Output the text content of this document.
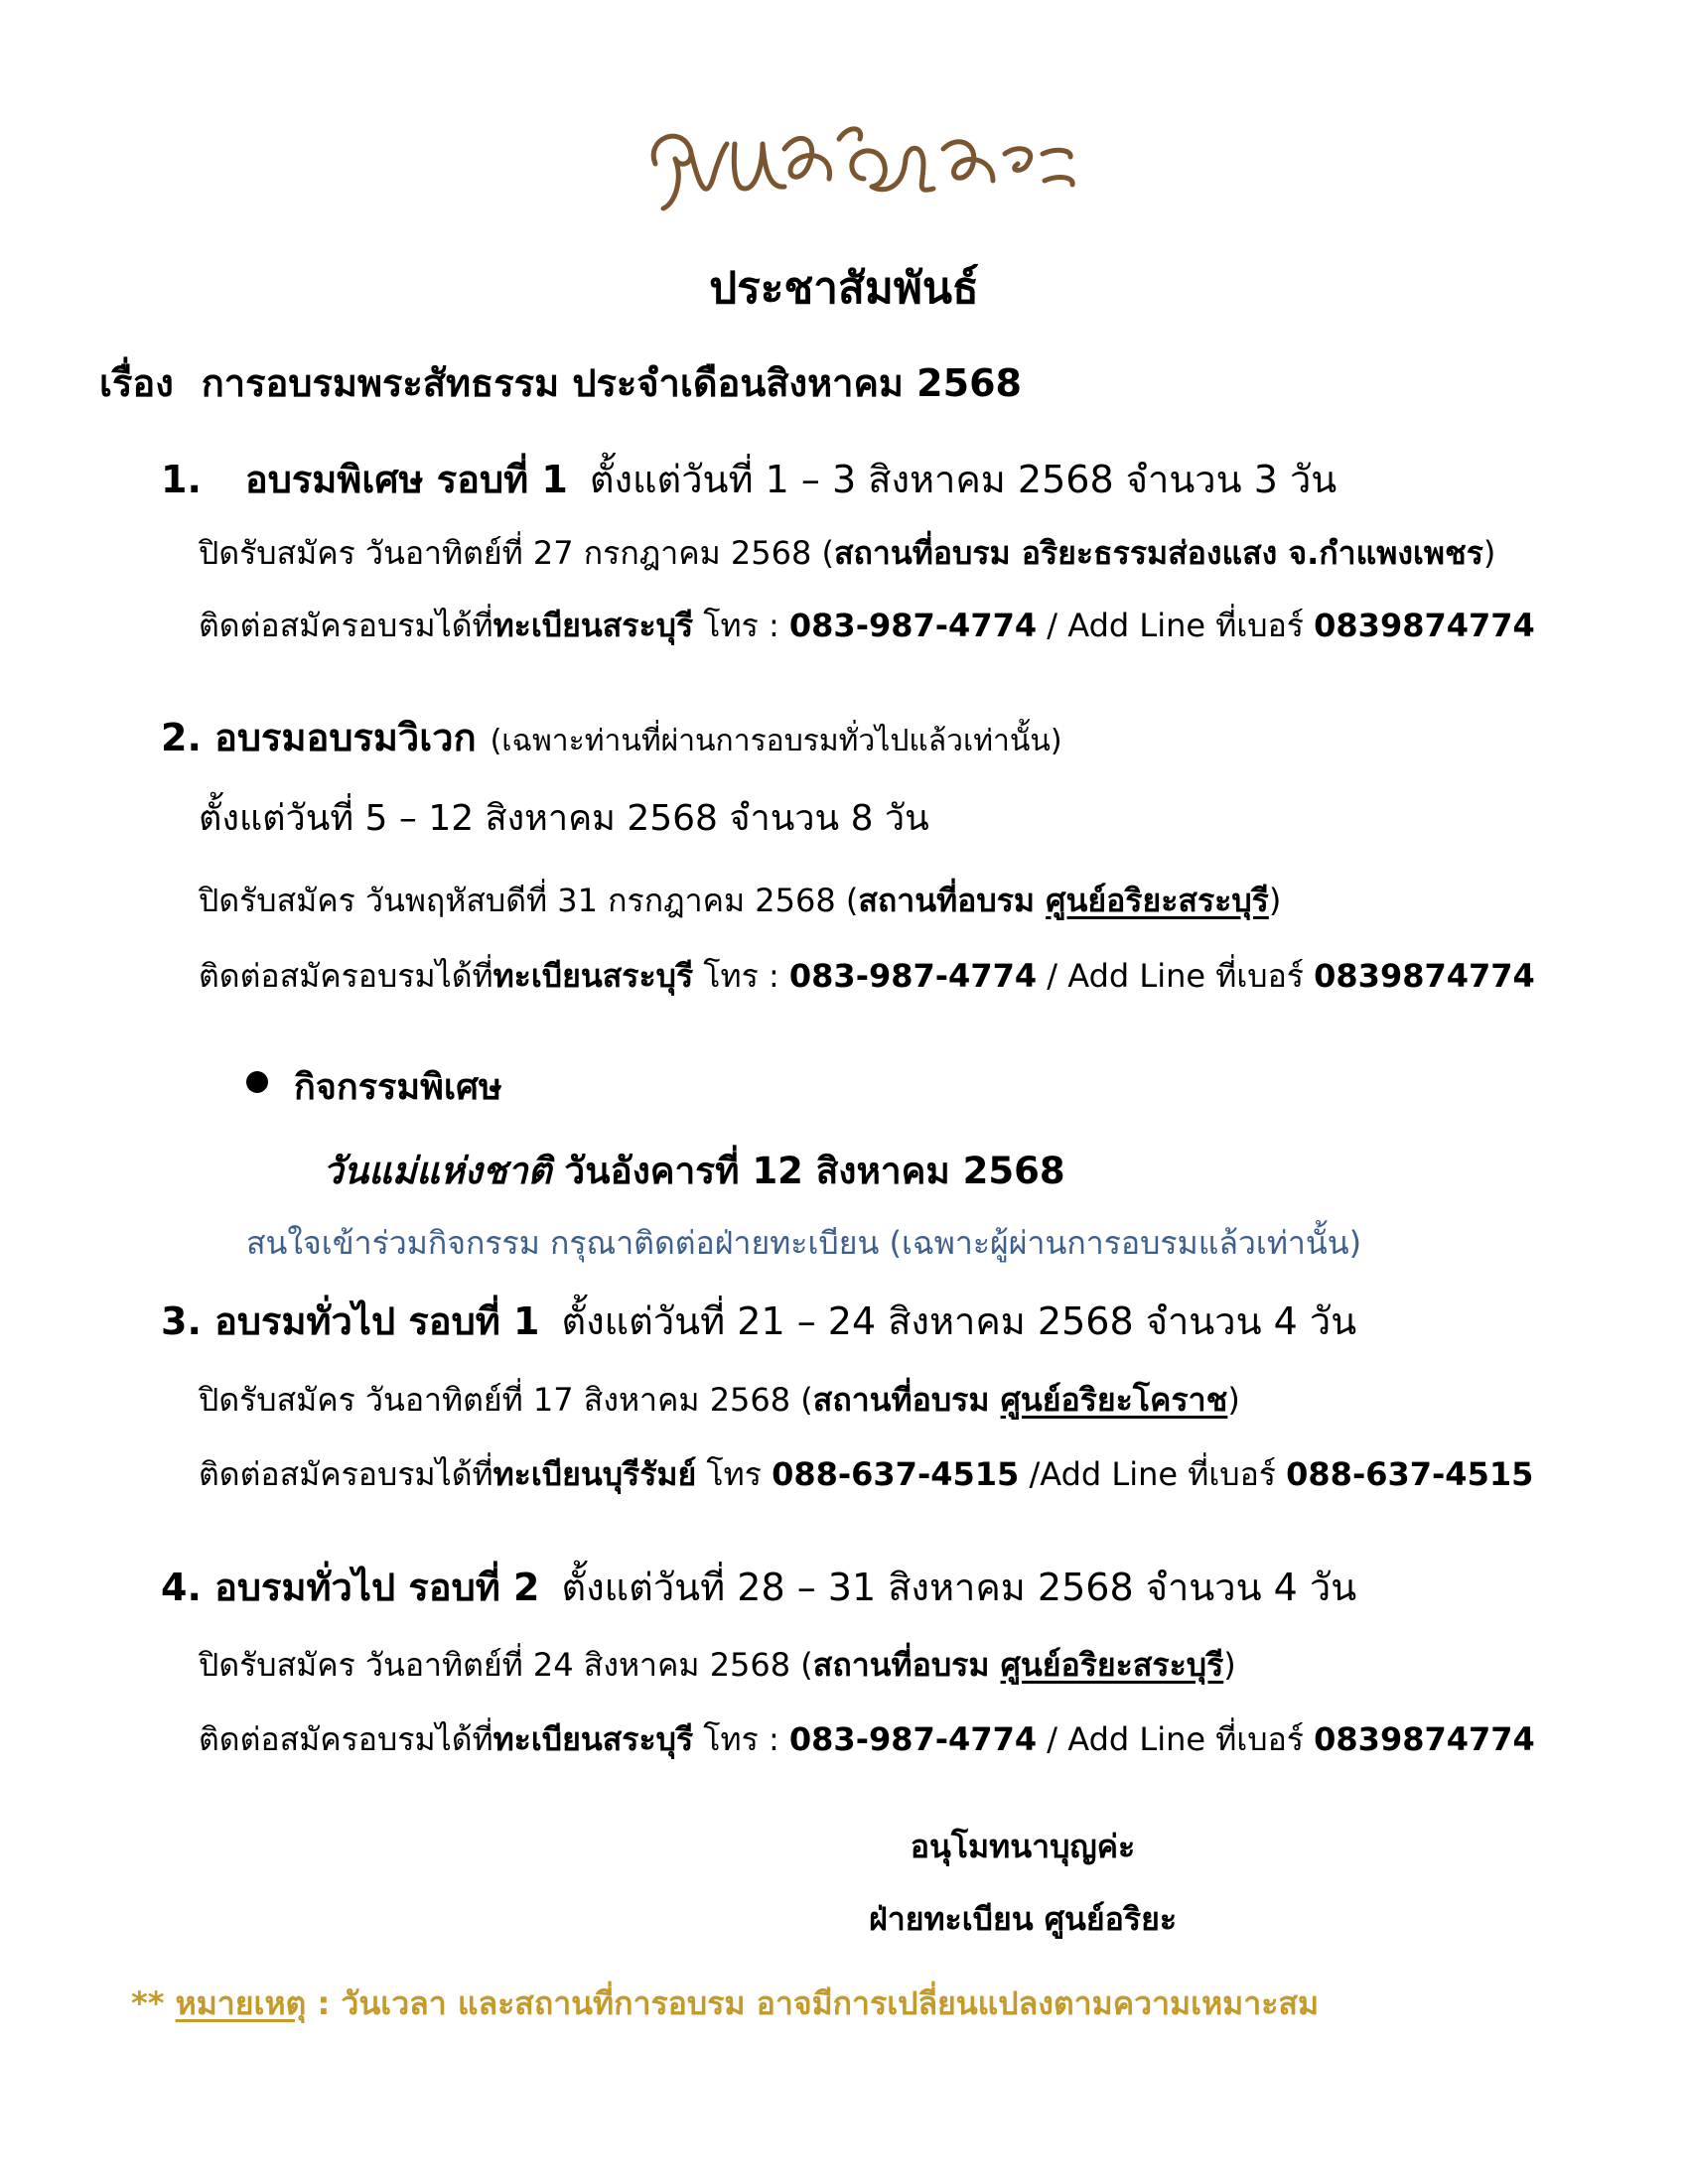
ประชาสัมพันธ์
เรื่อง การอบรมพระสัทธรรม ประจำเดือนสิงหาคม 2568
1. อบรมพิเศษ รอบที่ 1 ตั้งแต่วันที่ 1 – 3 สิงหาคม 2568 จำนวน 3 วัน
ปิดรับสมัคร วันอาทิตย์ที่ 27 กรกฎาคม 2568 (สถานที่อบรม อริยะธรรมส่องแสง จ.กำแพงเพชร)
ติดต่อสมัครอบรมได้ที่ทะเบียนสระบุรี โทร : 083-987-4774 / Add Line ที่เบอร์ 0839874774
2. อบรมอบรมวิเวก (เฉพาะท่านที่ผ่านการอบรมทั่วไปแล้วเท่านั้น)
ตั้งแต่วันที่ 5 – 12 สิงหาคม 2568 จำนวน 8 วัน
ปิดรับสมัคร วันพฤหัสบดีที่ 31 กรกฎาคม 2568 (สถานที่อบรม ศูนย์อริยะสระบุรี)
ติดต่อสมัครอบรมได้ที่ทะเบียนสระบุรี โทร : 083-987-4774 / Add Line ที่เบอร์ 0839874774
กิจกรรมพิเศษ
วันแม่แห่งชาติ วันอังคารที่ 12 สิงหาคม 2568
สนใจเข้าร่วมกิจกรรม กรุณาติดต่อฝ่ายทะเบียน (เฉพาะผู้ผ่านการอบรมแล้วเท่านั้น)
3. อบรมทั่วไป รอบที่ 1 ตั้งแต่วันที่ 21 – 24 สิงหาคม 2568 จำนวน 4 วัน
ปิดรับสมัคร วันอาทิตย์ที่ 17 สิงหาคม 2568 (สถานที่อบรม ศูนย์อริยะโคราช)
ติดต่อสมัครอบรมได้ที่ทะเบียนบุรีรัมย์ โทร 088-637-4515 /Add Line ที่เบอร์ 088-637-4515
4. อบรมทั่วไป รอบที่ 2 ตั้งแต่วันที่ 28 – 31 สิงหาคม 2568 จำนวน 4 วัน
ปิดรับสมัคร วันอาทิตย์ที่ 24 สิงหาคม 2568 (สถานที่อบรม ศูนย์อริยะสระบุรี)
ติดต่อสมัครอบรมได้ที่ทะเบียนสระบุรี โทร : 083-987-4774 / Add Line ที่เบอร์ 0839874774
อนุโมทนาบุญค่ะ
ฝ่ายทะเบียน ศูนย์อริยะ
** หมายเหตุ : วันเวลา และสถานที่การอบรม อาจมีการเปลี่ยนแปลงตามความเหมาะสม
